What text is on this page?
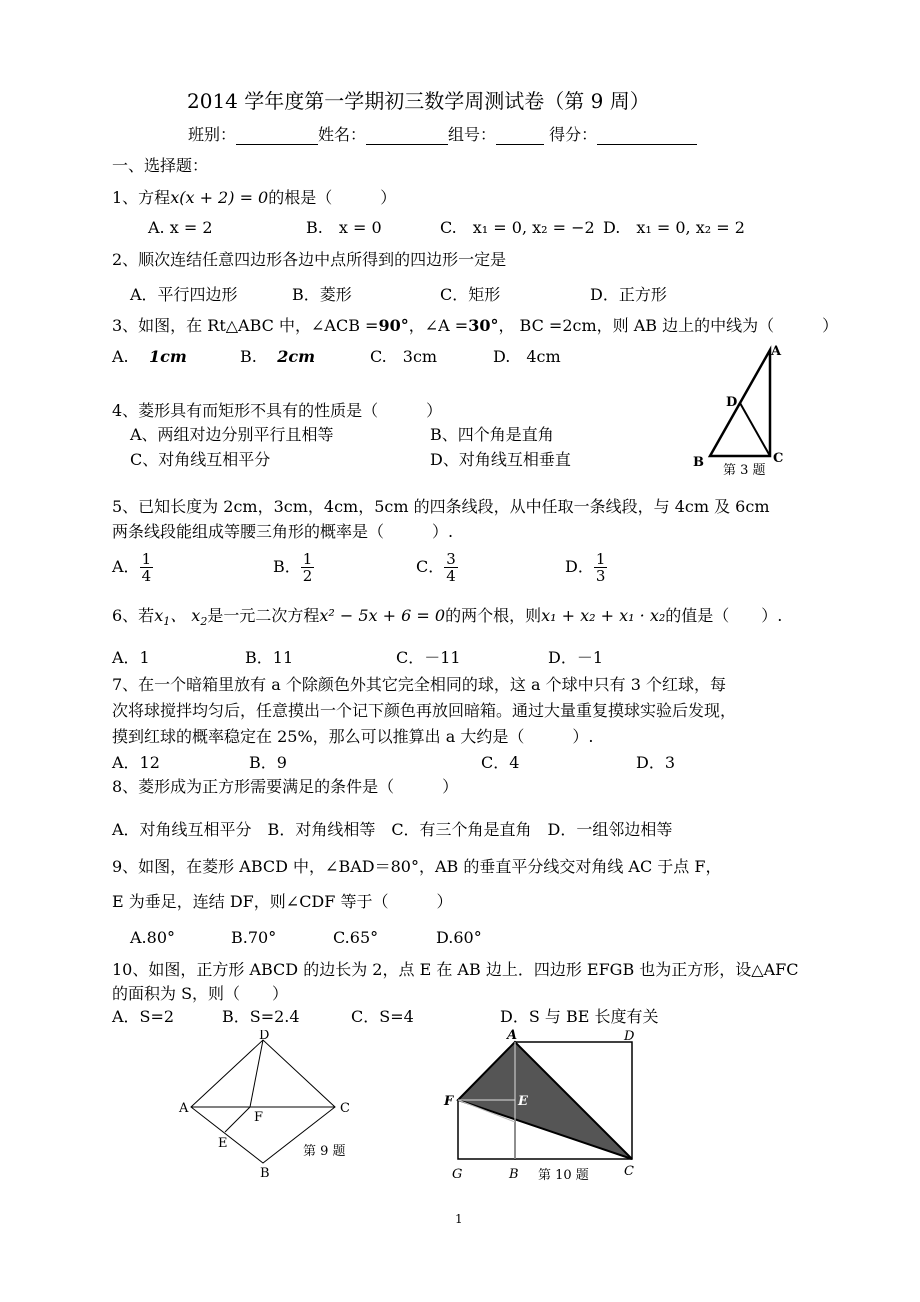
2014 学年度第一学期初三数学周测试卷（第 9 周）
班别：	姓名：	组号：	得分：
一、选择题：
1、方程x(x + 2) = 0的根是（　　　）
A. x = 2	B.　x = 0	C.　x₁ = 0, x₂ = −2 D.　x₁ = 0, x₂ = 2
2、顺次连结任意四边形各边中点所得到的四边形一定是
A．平行四边形	B．菱形	C．矩形	D．正方形
3、如图，在 Rt△ABC 中，∠ACB =90°，∠A =30°， BC =2cm，则 AB 边上的中线为（　　　）
A. 1cm	B. 2cm	C.　3cm	D.　4cm	A
D
B	C
第 3 题
4、菱形具有而矩形不具有的性质是（　　　）
A、两组对边分别平行且相等	B、四个角是直角
C、对角线互相平分	D、对角线互相垂直
5、已知长度为 2cm，3cm，4cm，5cm 的四条线段，从中任取一条线段，与 4cm 及 6cm
两条线段能组成等腰三角形的概率是（　　　）.
A． $\frac{1}{4}$	B． $\frac{1}{2}$	C． $\frac{3}{4}$	D． $\frac{1}{3}$
6、若$x_1$、 $x_2$是一元二次方程x² − 5x + 6 = 0的两个根，则x₁ + x₂ + x₁ · x₂的值是（　　）.
A．1	B．11	C．－11	D．－1
7、在一个暗箱里放有 a 个除颜色外其它完全相同的球，这 a 个球中只有 3 个红球，每
次将球搅拌均匀后，任意摸出一个记下颜色再放回暗箱。通过大量重复摸球实验后发现，
摸到红球的概率稳定在 25%，那么可以推算出 a 大约是（　　　）.
A．12	B．9	C．4	D．3
8、菱形成为正方形需要满足的条件是（　　　）
A．对角线互相平分　B．对角线相等　C．有三个角是直角　D．一组邻边相等
9、如图，在菱形 ABCD 中，∠BAD＝80°，AB 的垂直平分线交对角线 AC 于点 F，
E 为垂足，连结 DF，则∠CDF 等于（　　　）
A.80°	B.70°	C.65°	D.60°
10、如图，正方形 ABCD 的边长为 2，点 E 在 AB 边上．四边形 EFGB 也为正方形，设△AFC
的面积为 S，则（　　）
A．S=2	B．S=2.4	C．S=4	D．S 与 BE 长度有关
D
A	C
F
E
B
第 9 题
A	D
F	E
G	B	C
第 10 题
1
